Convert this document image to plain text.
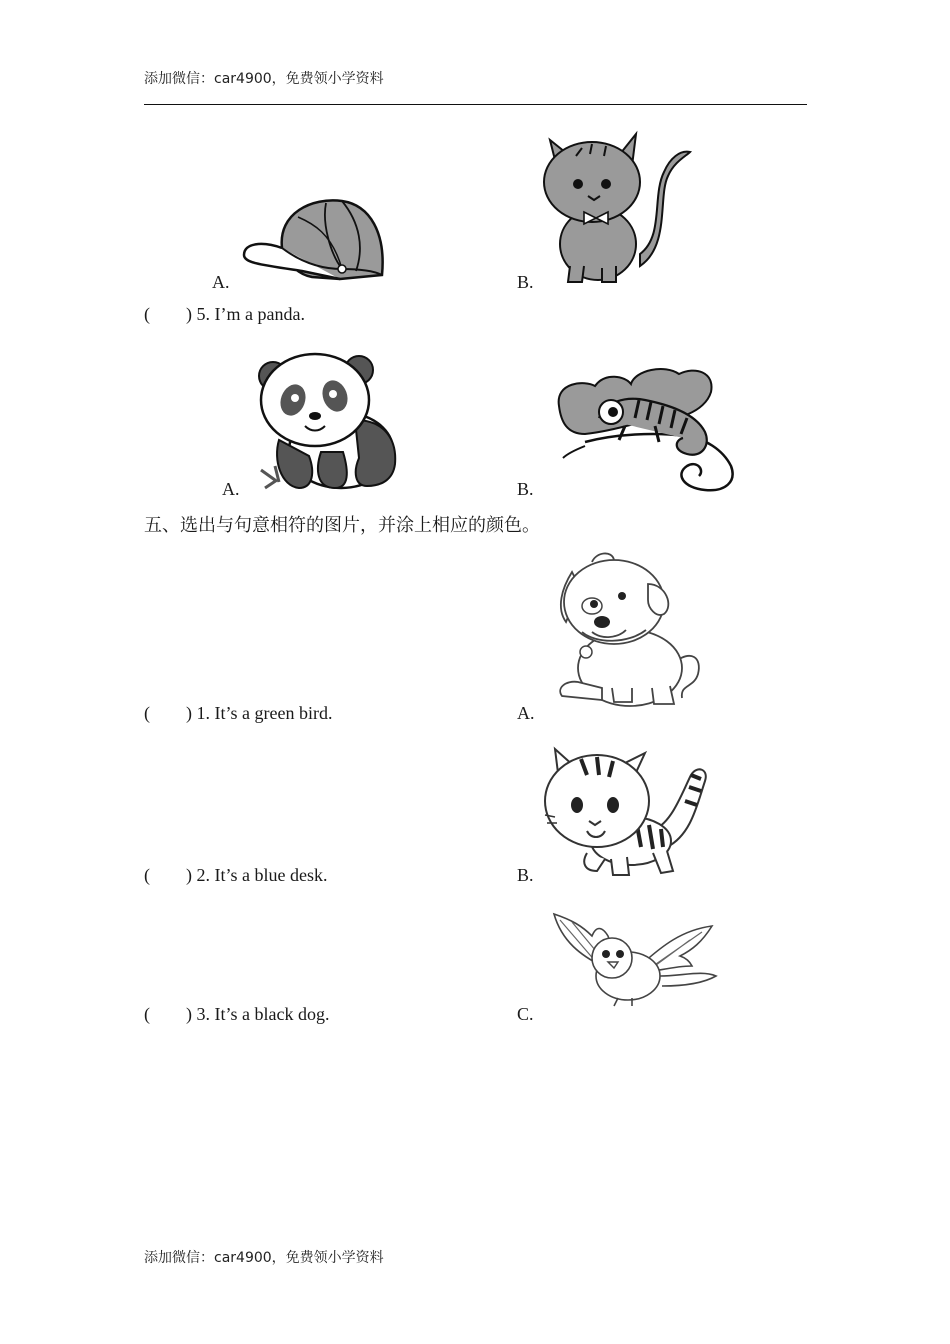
添加微信：car4900，免费领小学资料
添加微信：car4900，免费领小学资料
A.	B.
( ) 5. I’m a panda.
A.	B.
五、选出与句意相符的图片，并涂上相应的颜色。
( ) 1. It’s a green bird.	A.
( ) 2. It’s a blue desk.	B.
( ) 3. It’s a black dog.	C.
